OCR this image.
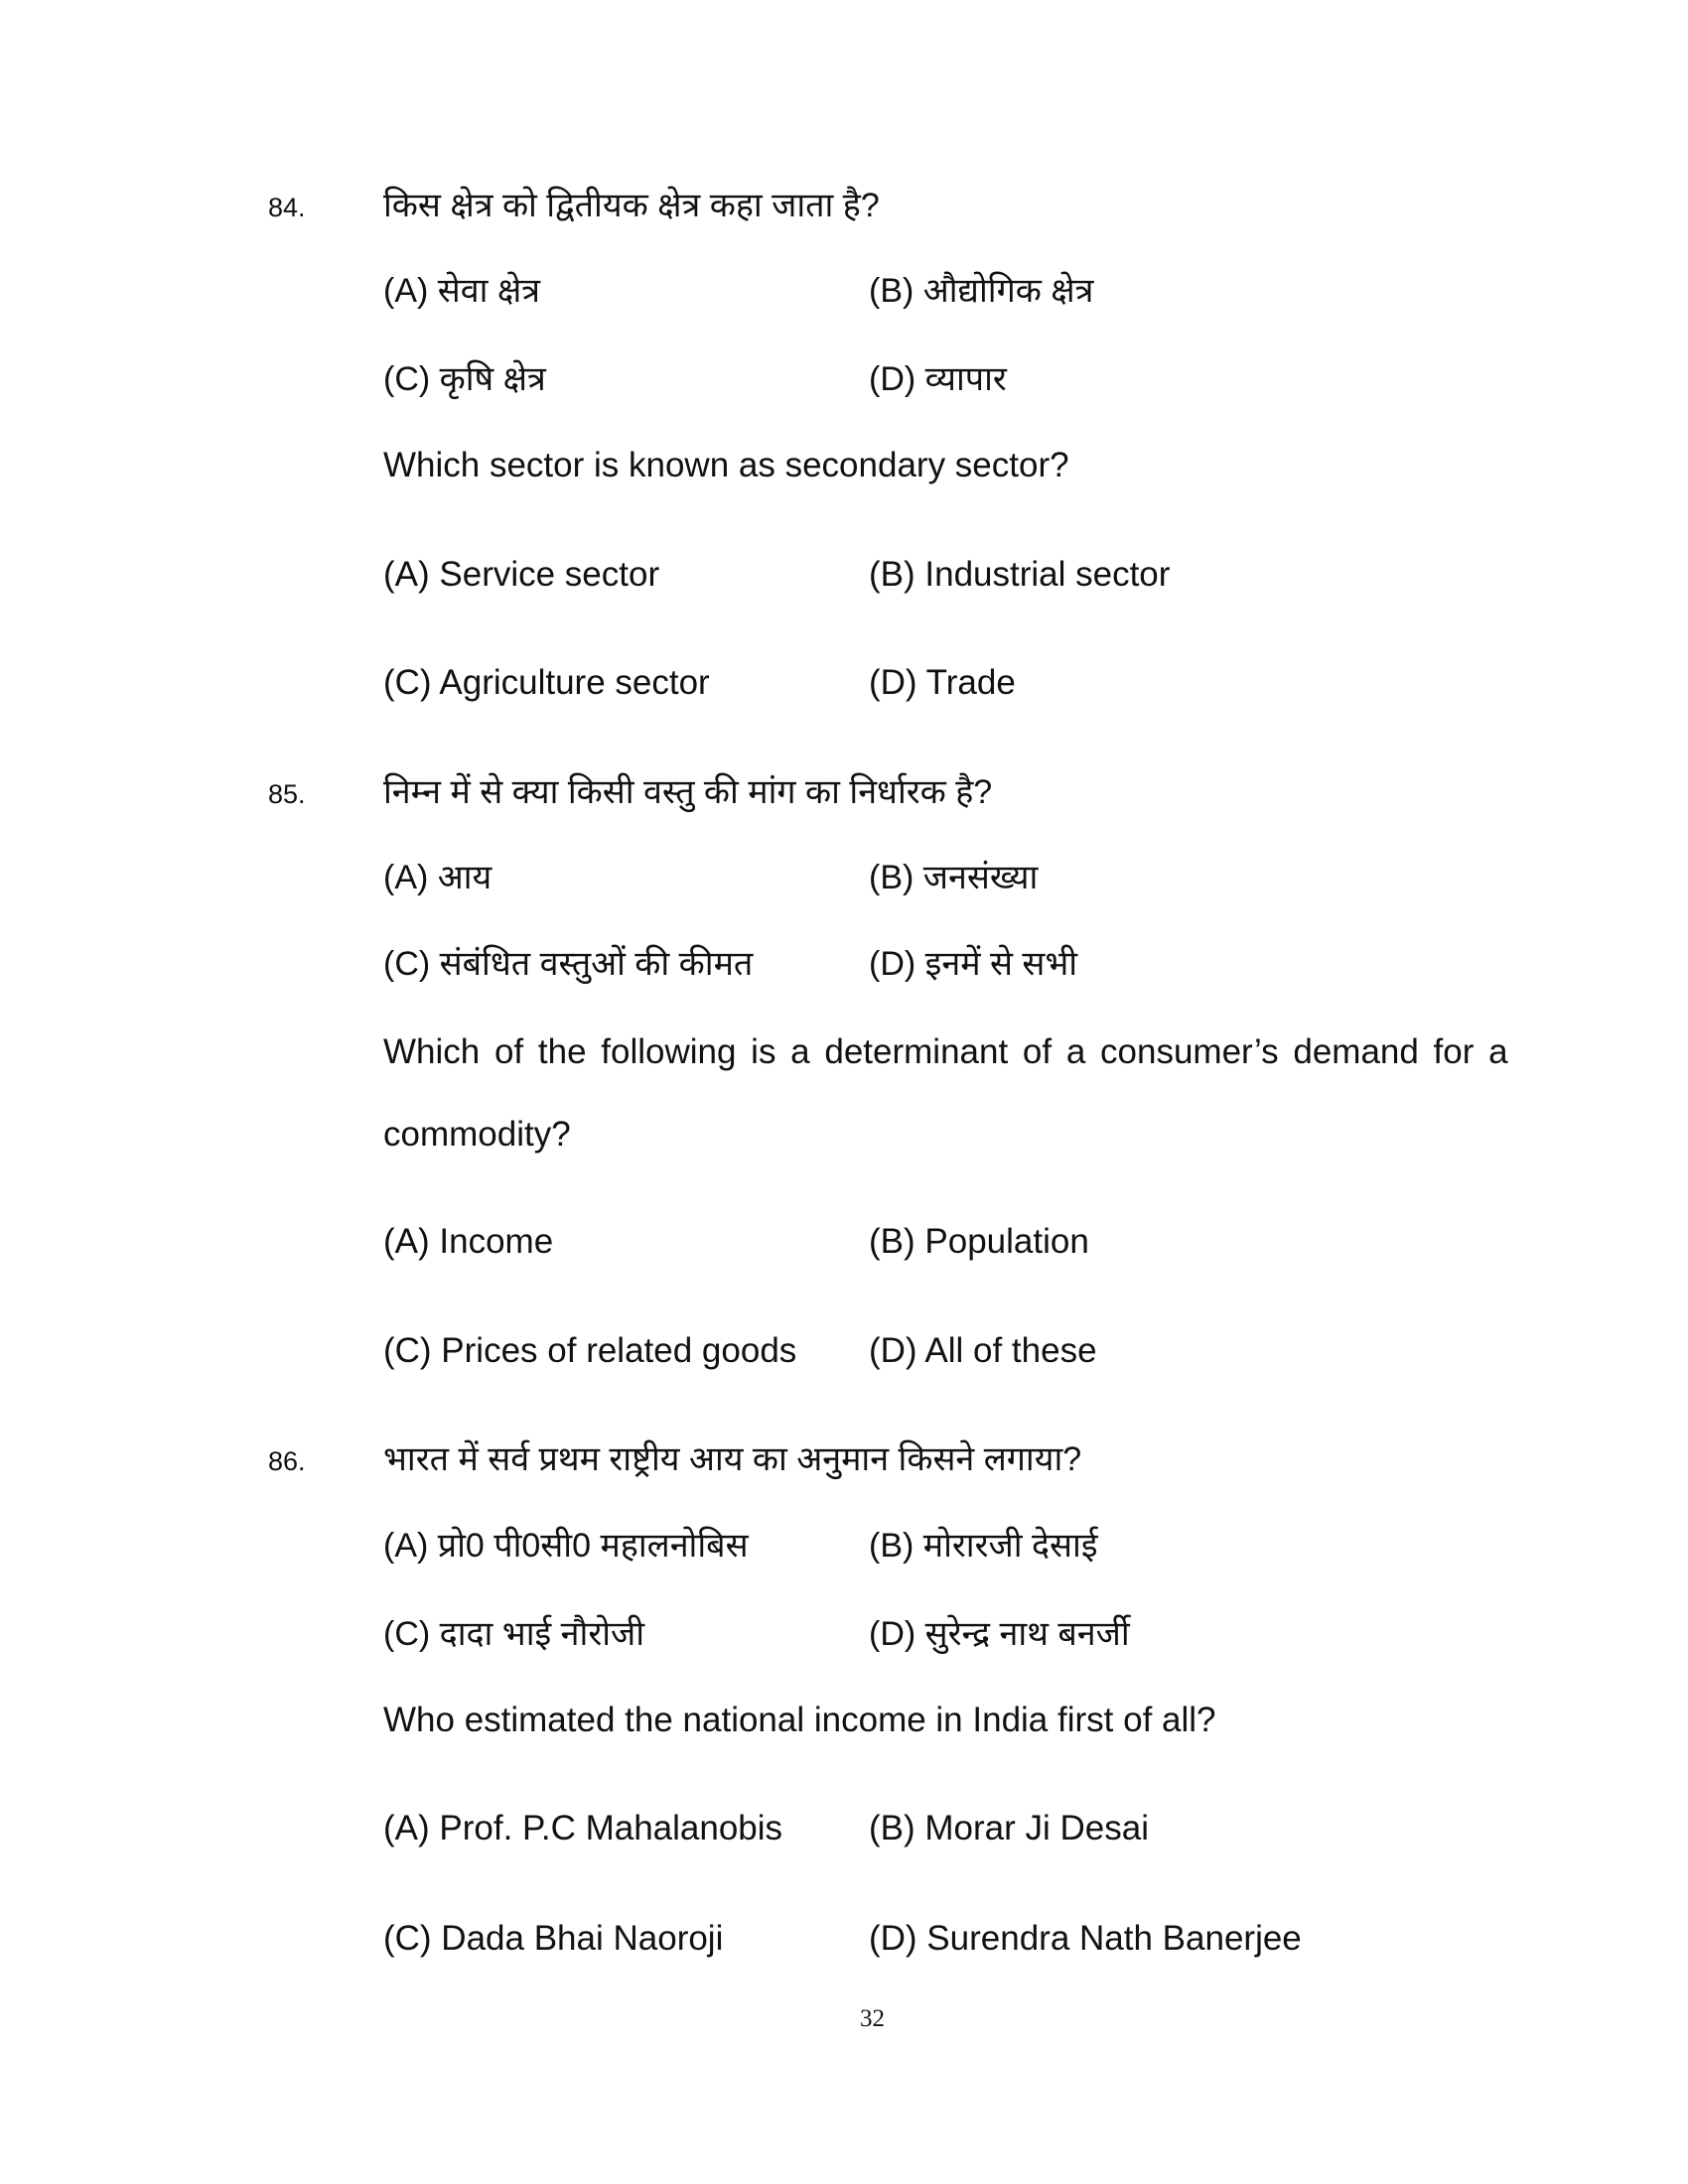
84. किस क्षेत्र को द्वितीयक क्षेत्र कहा जाता है?
(A) सेवा क्षेत्र	(B) औद्योगिक क्षेत्र
(C) कृषि क्षेत्र	(D) व्यापार
Which sector is known as secondary sector?
(A) Service sector	(B) Industrial sector
(C) Agriculture sector	(D) Trade
85. निम्न में से क्या किसी वस्तु की मांग का निर्धारक है?
(A) आय	(B) जनसंख्या
(C) संबंधित वस्तुओं की कीमत	(D) इनमें से सभी
Which of the following is a determinant of a consumer’s demand for a
commodity?
(A) Income	(B) Population
(C) Prices of related goods (D) All of these
86. भारत में सर्व प्रथम राष्ट्रीय आय का अनुमान किसने लगाया?
(A) प्रो0 पी0सी0 महालनोबिस	(B) मोरारजी देसाई
(C) दादा भाई नौरोजी	(D) सुरेन्द्र नाथ बनर्जी
Who estimated the national income in India first of all?
(A) Prof. P.C Mahalanobis (B) Morar Ji Desai
(C) Dada Bhai Naoroji	(D) Surendra Nath Banerjee
32
